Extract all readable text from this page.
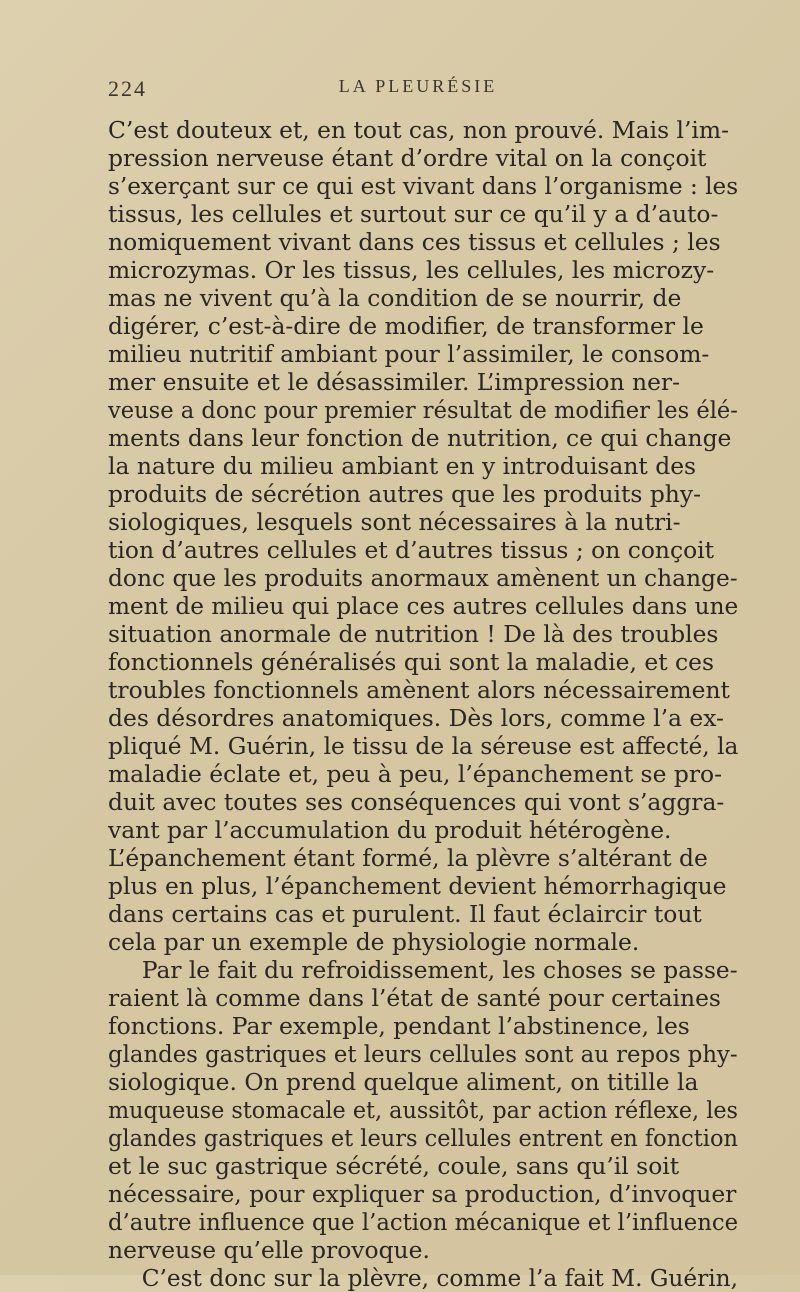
224	LA PLEURÉSIE
C’est douteux et, en tout cas, non prouvé. Mais l’im-
pression nerveuse étant d’ordre vital on la conçoit
s’exerçant sur ce qui est vivant dans l’organisme : les
tissus, les cellules et surtout sur ce qu’il y a d’auto-
nomiquement vivant dans ces tissus et cellules ; les
microzymas. Or les tissus, les cellules, les microzy-
mas ne vivent qu’à la condition de se nourrir, de
digérer, c’est-à-dire de modifier, de transformer le
milieu nutritif ambiant pour l’assimiler, le consom-
mer ensuite et le désassimiler. L’impression ner-
veuse a donc pour premier résultat de modifier les élé-
ments dans leur fonction de nutrition, ce qui change
la nature du milieu ambiant en y introduisant des
produits de sécrétion autres que les produits phy-
siologiques, lesquels sont nécessaires à la nutri-
tion d’autres cellules et d’autres tissus ; on conçoit
donc que les produits anormaux amènent un change-
ment de milieu qui place ces autres cellules dans une
situation anormale de nutrition ! De là des troubles
fonctionnels généralisés qui sont la maladie, et ces
troubles fonctionnels amènent alors nécessairement
des désordres anatomiques. Dès lors, comme l’a ex-
pliqué M. Guérin, le tissu de la séreuse est affecté, la
maladie éclate et, peu à peu, l’épanchement se pro-
duit avec toutes ses conséquences qui vont s’aggra-
vant par l’accumulation du produit hétérogène.
L’épanchement étant formé, la plèvre s’altérant de
plus en plus, l’épanchement devient hémorrhagique
dans certains cas et purulent. Il faut éclaircir tout
cela par un exemple de physiologie normale.
Par le fait du refroidissement, les choses se passe-
raient là comme dans l’état de santé pour certaines
fonctions. Par exemple, pendant l’abstinence, les
glandes gastriques et leurs cellules sont au repos phy-
siologique. On prend quelque aliment, on titille la
muqueuse stomacale et, aussitôt, par action réflexe, les
glandes gastriques et leurs cellules entrent en fonction
et le suc gastrique sécrété, coule, sans qu’il soit
nécessaire, pour expliquer sa production, d’invoquer
d’autre influence que l’action mécanique et l’influence
nerveuse qu’elle provoque.
C’est donc sur la plèvre, comme l’a fait M. Guérin,
